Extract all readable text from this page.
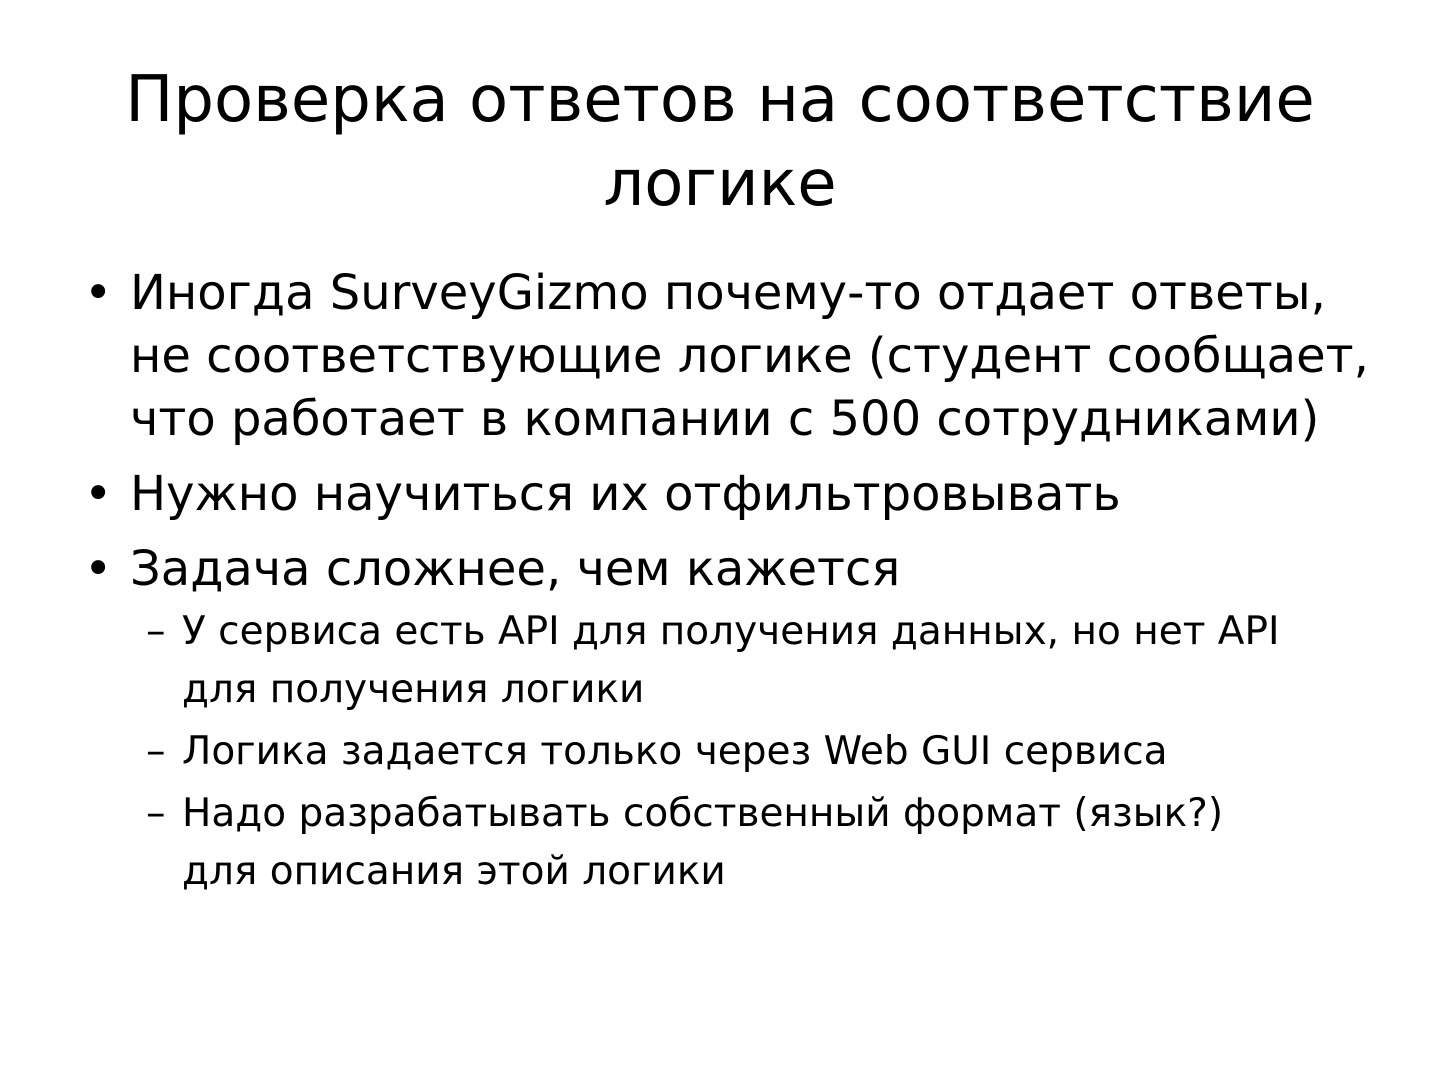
Проверка ответов на соответствие
логике
• Иногда SurveyGizmo почему-то отдает ответы,
не соответствующие логике (студент сообщает,
что работает в компании с 500 сотрудниками)
• Нужно научиться их отфильтровывать
• Задача сложнее, чем кажется
– У сервиса есть API для получения данных, но нет API
для получения логики
– Логика задается только через Web GUI сервиса
– Надо разрабатывать собственный формат (язык?)
для описания этой логики
